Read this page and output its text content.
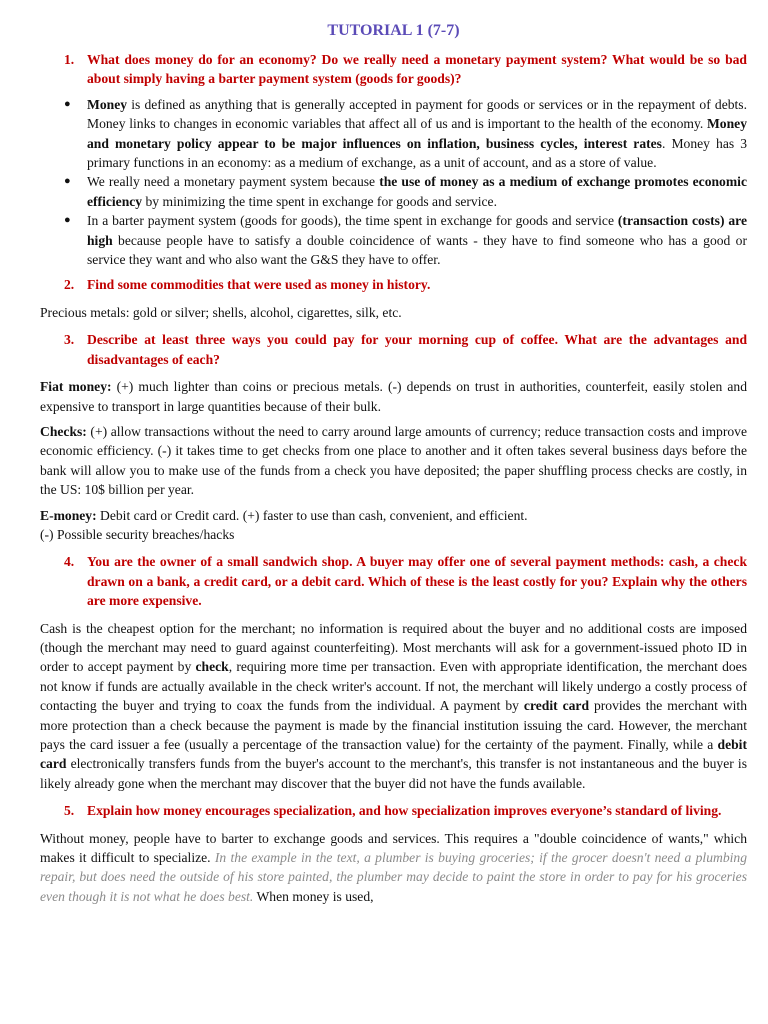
TUTORIAL 1 (7-7)
1. What does money do for an economy? Do we really need a monetary payment system? What would be so bad about simply having a barter payment system (goods for goods)?
● Money is defined as anything that is generally accepted in payment for goods or services or in the repayment of debts. Money links to changes in economic variables that affect all of us and is important to the health of the economy. Money and monetary policy appear to be major influences on inflation, business cycles, interest rates. Money has 3 primary functions in an economy: as a medium of exchange, as a unit of account, and as a store of value.
● We really need a monetary payment system because the use of money as a medium of exchange promotes economic efficiency by minimizing the time spent in exchange for goods and service.
● In a barter payment system (goods for goods), the time spent in exchange for goods and service (transaction costs) are high because people have to satisfy a double coincidence of wants - they have to find someone who has a good or service they want and who also want the G&S they have to offer.
2. Find some commodities that were used as money in history.

Precious metals: gold or silver; shells, alcohol, cigarettes, silk, etc.

3. Describe at least three ways you could pay for your morning cup of coffee. What are the advantages and disadvantages of each?

Fiat money: (+) much lighter than coins or precious metals. (-) depends on trust in authorities, counterfeit, easily stolen and expensive to transport in large quantities because of their bulk.

Checks: (+) allow transactions without the need to carry around large amounts of currency; reduce transaction costs and improve economic efficiency. (-) it takes time to get checks from one place to another and it often takes several business days before the bank will allow you to make use of the funds from a check you have deposited; the paper shuffling process checks are costly, in the US: 10$ billion per year.

E-money: Debit card or Credit card. (+) faster to use than cash, convenient, and efficient.
(-) Possible security breaches/hacks

4. You are the owner of a small sandwich shop. A buyer may offer one of several payment methods: cash, a check drawn on a bank, a credit card, or a debit card. Which of these is the least costly for you? Explain why the others are more expensive.

Cash is the cheapest option for the merchant; no information is required about the buyer and no additional costs are imposed (though the merchant may need to guard against counterfeiting). Most merchants will ask for a government-issued photo ID in order to accept payment by check, requiring more time per transaction. Even with appropriate identification, the merchant does not know if funds are actually available in the check writer's account. If not, the merchant will likely undergo a costly process of contacting the buyer and trying to coax the funds from the individual. A payment by credit card provides the merchant with more protection than a check because the payment is made by the financial institution issuing the card. However, the merchant pays the card issuer a fee (usually a percentage of the transaction value) for the certainty of the payment. Finally, while a debit card electronically transfers funds from the buyer's account to the merchant's, this transfer is not instantaneous and the buyer is likely already gone when the merchant may discover that the buyer did not have the funds available.

5. Explain how money encourages specialization, and how specialization improves everyone’s standard of living.

Without money, people have to barter to exchange goods and services. This requires a "double coincidence of wants," which makes it difficult to specialize. In the example in the text, a plumber is buying groceries; if the grocer doesn't need a plumbing repair, but does need the outside of his store painted, the plumber may decide to paint the store in order to pay for his groceries even though it is not what he does best. When money is used,
